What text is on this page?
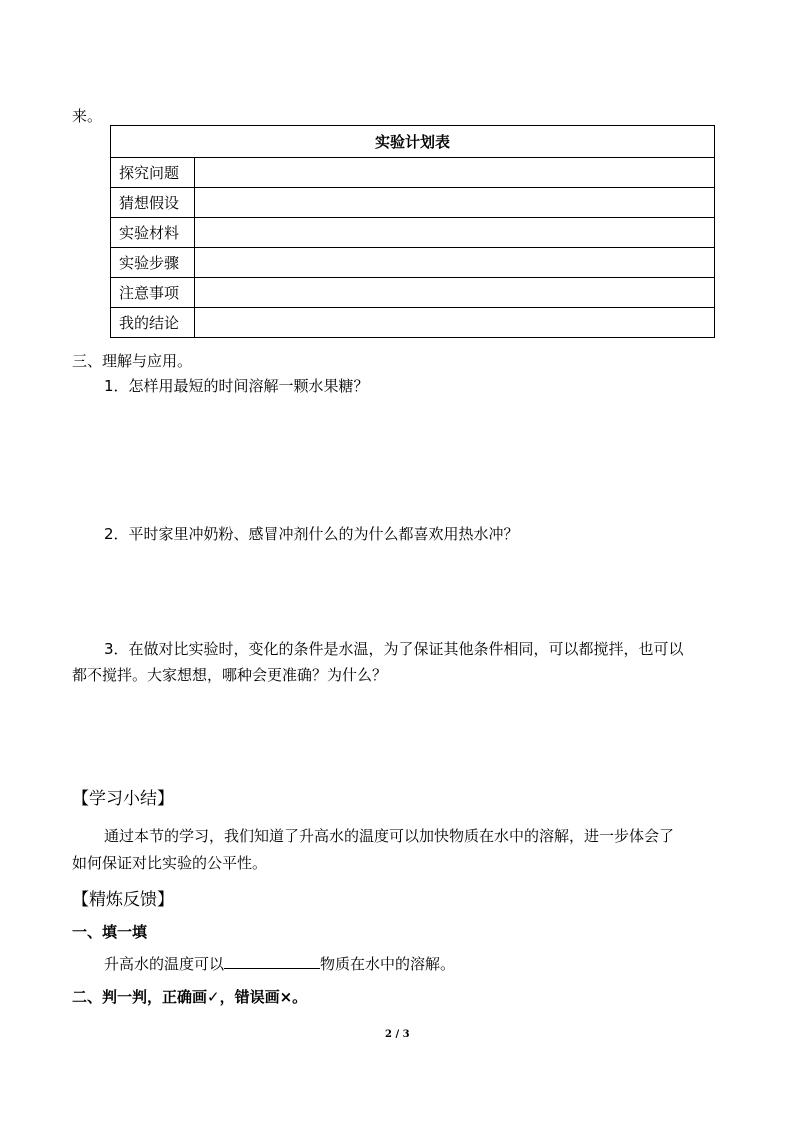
来。
实验计划表	
探究问题	
猜想假设	
实验材料	
实验步骤	
注意事项	
我的结论	
三、理解与应用。
1．怎样用最短的时间溶解一颗水果糖？
2．平时家里冲奶粉、感冒冲剂什么的为什么都喜欢用热水冲？
3．在做对比实验时，变化的条件是水温，为了保证其他条件相同，可以都搅拌，也可以
都不搅拌。大家想想，哪种会更准确？为什么？
【学习小结】
通过本节的学习，我们知道了升高水的温度可以加快物质在水中的溶解，进一步体会了
如何保证对比实验的公平性。
【精炼反馈】
一、填一填
升高水的温度可以	物质在水中的溶解。
二、判一判，正确画✓，错误画×。
2 / 3
